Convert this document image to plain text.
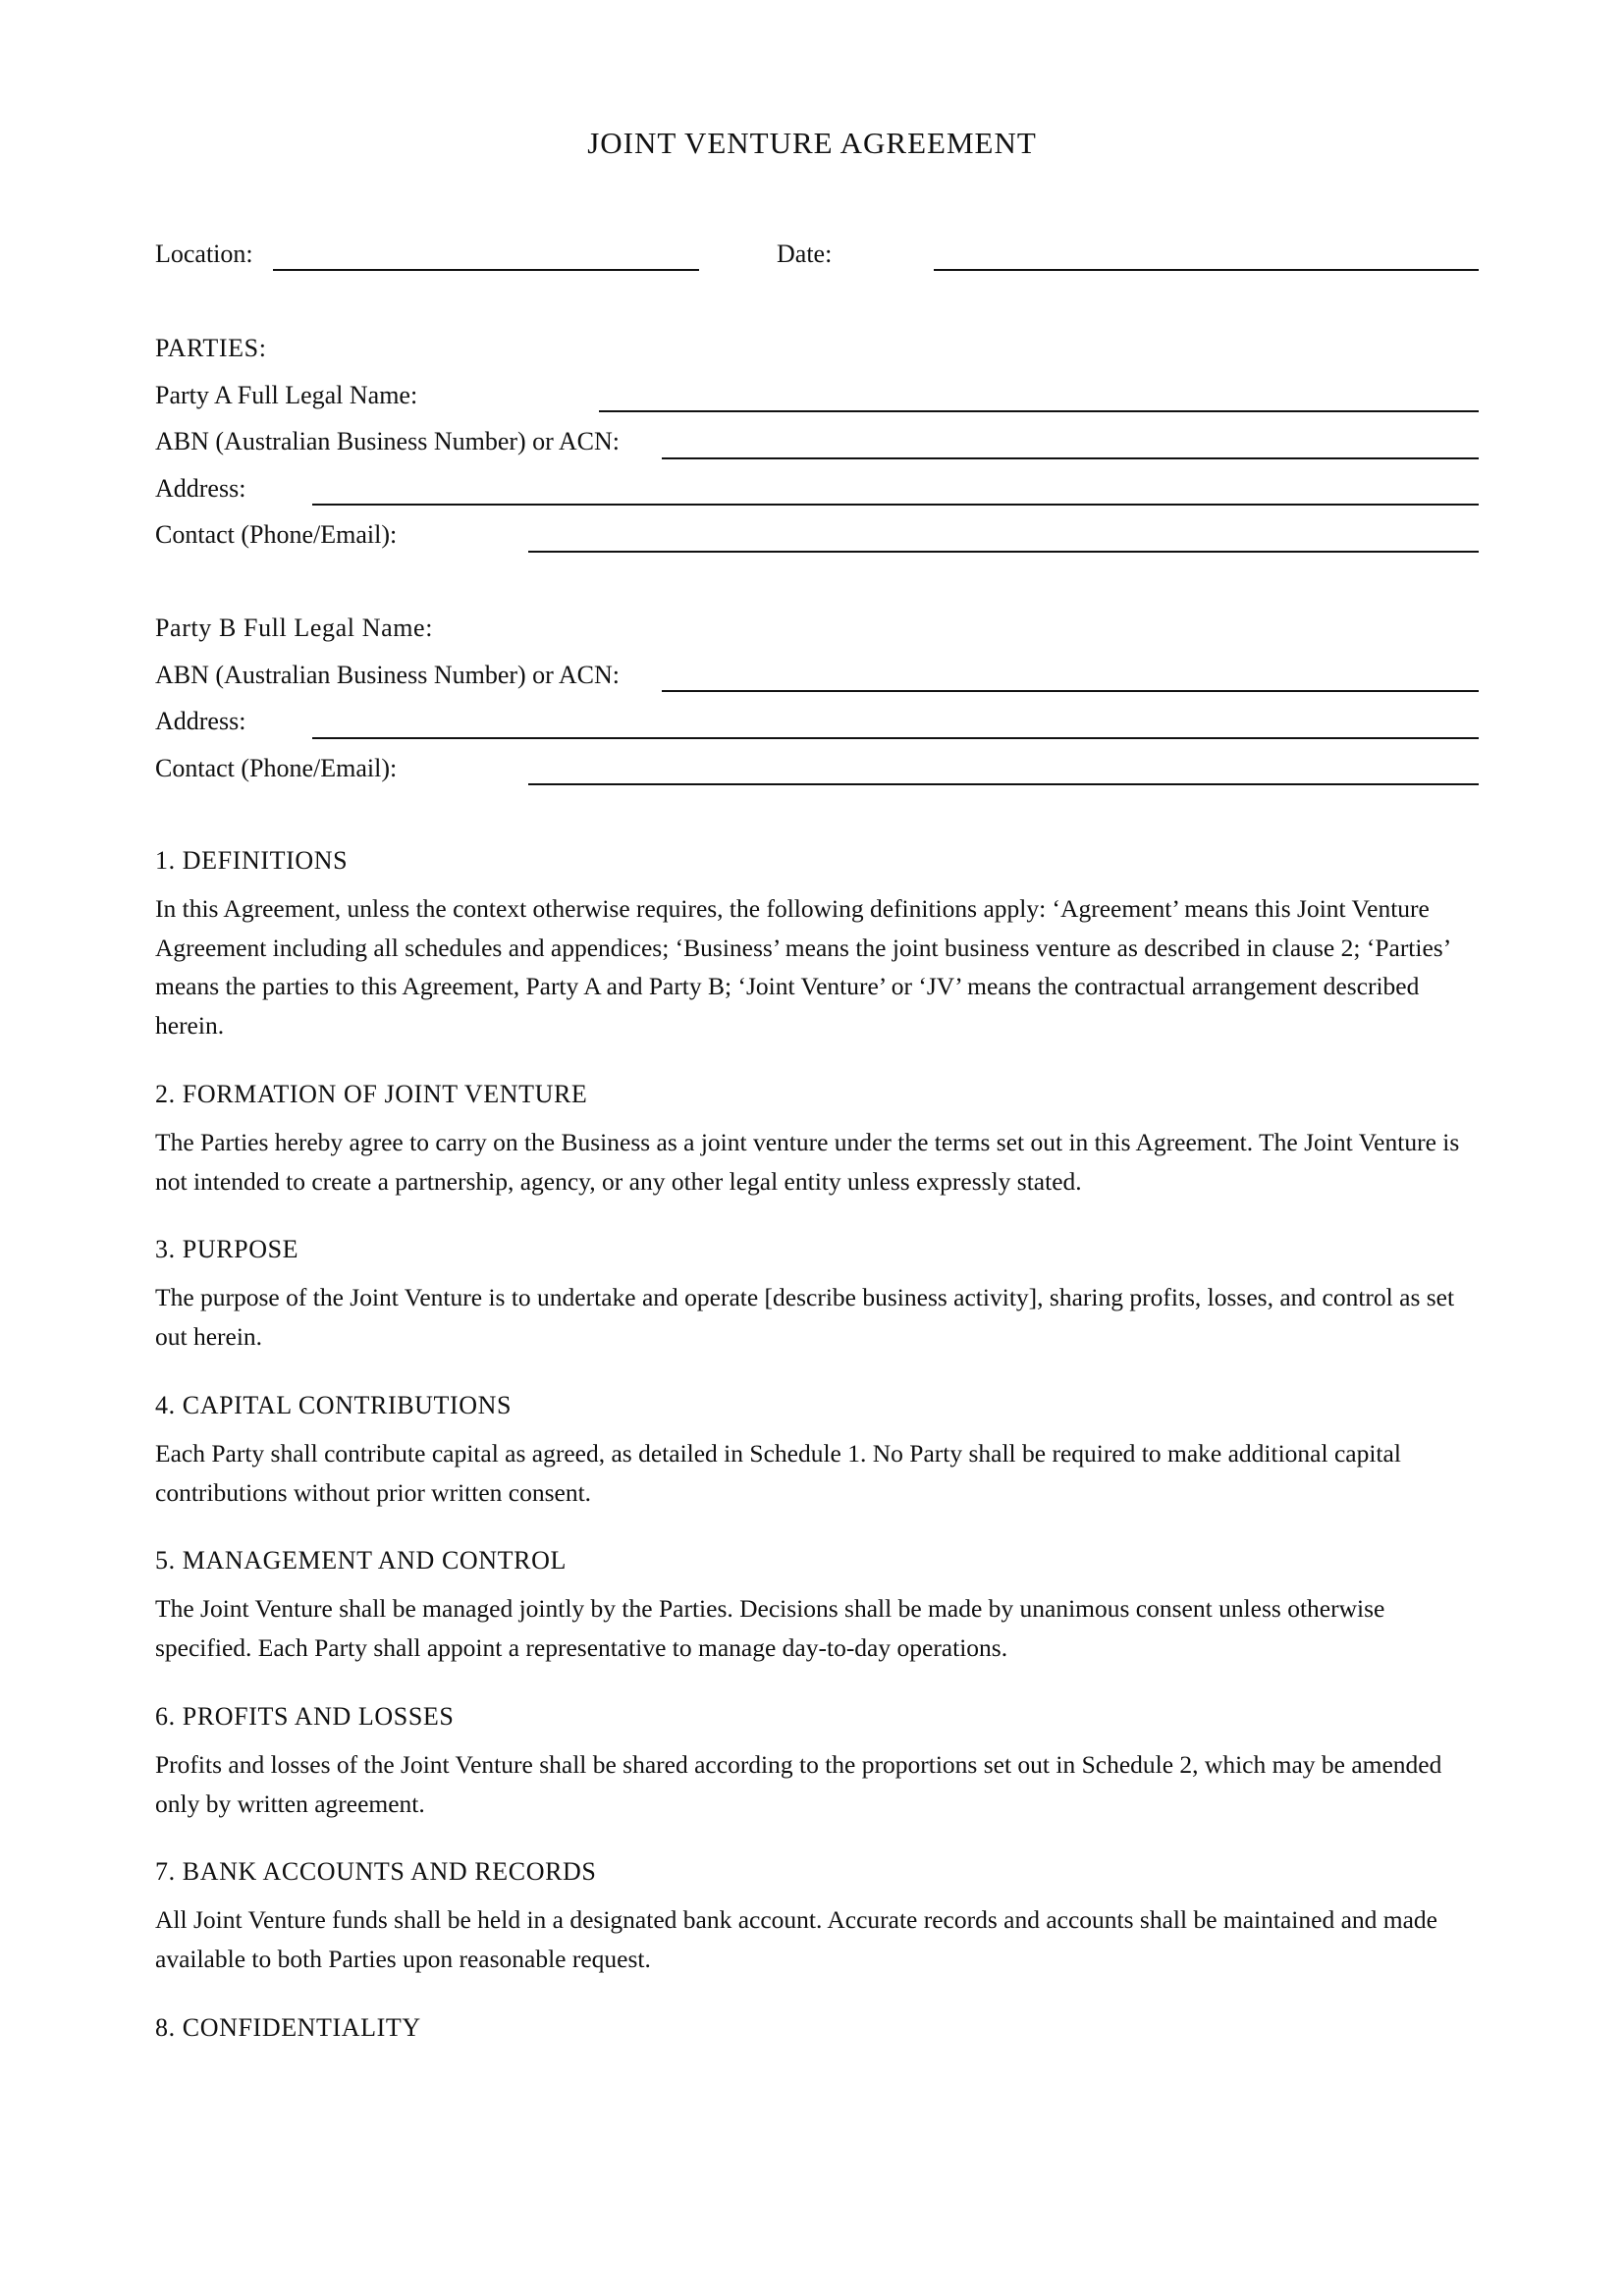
JOINT VENTURE AGREEMENT
Location:	Date:
PARTIES:
Party A Full Legal Name:
ABN (Australian Business Number) or ACN:
Address:
Contact (Phone/Email):
Party B Full Legal Name:
ABN (Australian Business Number) or ACN:
Address:
Contact (Phone/Email):
1. DEFINITIONS
In this Agreement, unless the context otherwise requires, the following definitions apply: ‘Agreement’ means this Joint Venture Agreement including all schedules and appendices; ‘Business’ means the joint business venture as described in clause 2; ‘Parties’ means the parties to this Agreement, Party A and Party B; ‘Joint Venture’ or ‘JV’ means the contractual arrangement described herein.
2. FORMATION OF JOINT VENTURE
The Parties hereby agree to carry on the Business as a joint venture under the terms set out in this Agreement. The Joint Venture is not intended to create a partnership, agency, or any other legal entity unless expressly stated.
3. PURPOSE
The purpose of the Joint Venture is to undertake and operate [describe business activity], sharing profits, losses, and control as set out herein.
4. CAPITAL CONTRIBUTIONS
Each Party shall contribute capital as agreed, as detailed in Schedule 1. No Party shall be required to make additional capital contributions without prior written consent.
5. MANAGEMENT AND CONTROL
The Joint Venture shall be managed jointly by the Parties. Decisions shall be made by unanimous consent unless otherwise specified. Each Party shall appoint a representative to manage day-to-day operations.
6. PROFITS AND LOSSES
Profits and losses of the Joint Venture shall be shared according to the proportions set out in Schedule 2, which may be amended only by written agreement.
7. BANK ACCOUNTS AND RECORDS
All Joint Venture funds shall be held in a designated bank account. Accurate records and accounts shall be maintained and made available to both Parties upon reasonable request.
8. CONFIDENTIALITY
